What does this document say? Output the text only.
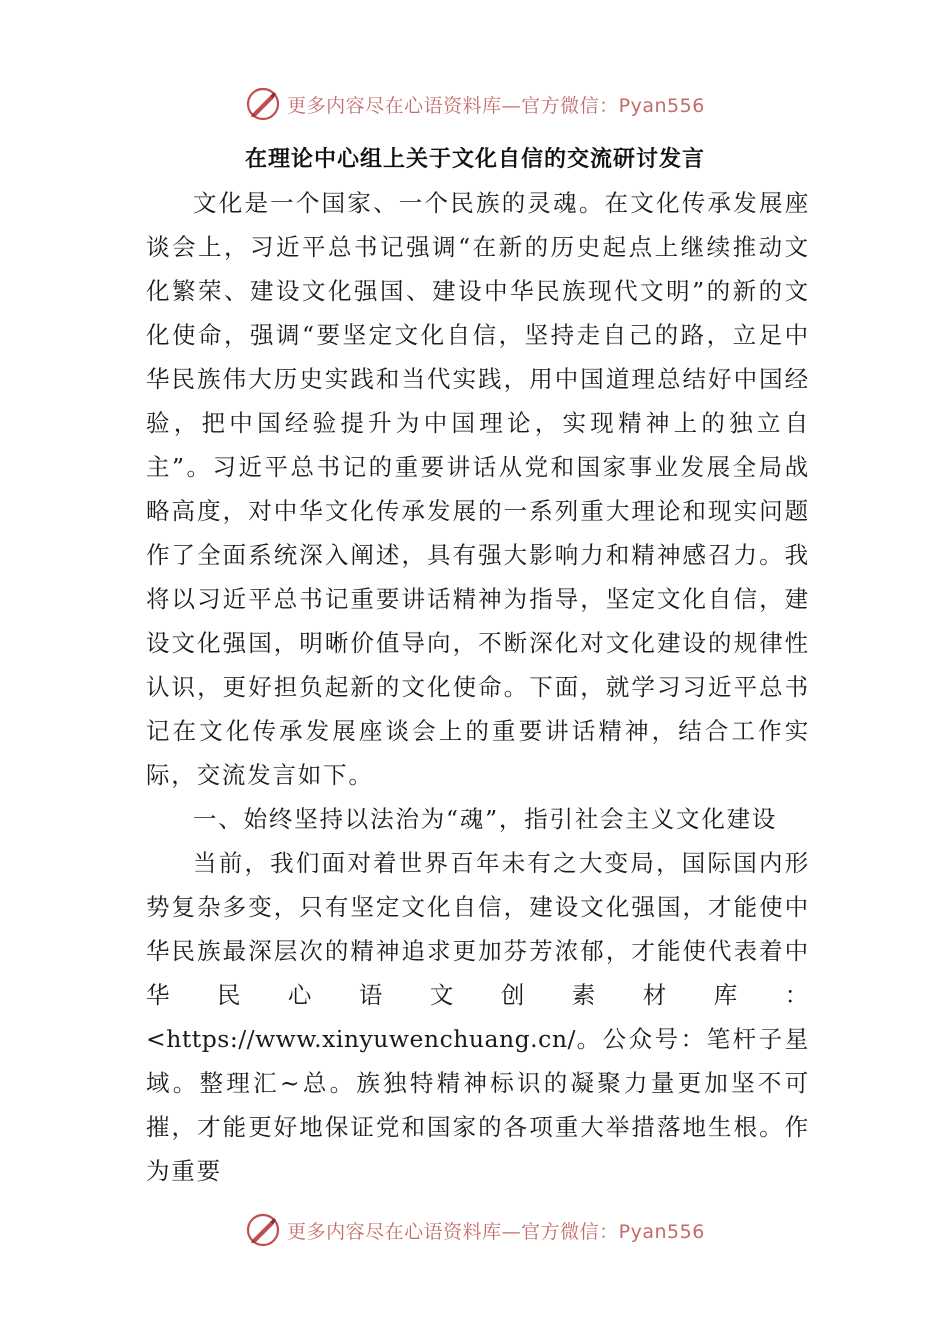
更多内容尽在心语资料库—官方微信：Pyan556
在理论中心组上关于文化自信的交流研讨发言

文化是一个国家、一个民族的灵魂。在文化传承发展座谈会上，习近平总书记强调“在新的历史起点上继续推动文化繁荣、建设文化强国、建设中华民族现代文明”的新的文化使命，强调“要坚定文化自信，坚持走自己的路，立足中华民族伟大历史实践和当代实践，用中国道理总结好中国经验，把中国经验提升为中国理论，实现精神上的独立自主”。习近平总书记的重要讲话从党和国家事业发展全局战略高度，对中华文化传承发展的一系列重大理论和现实问题作了全面系统深入阐述，具有强大影响力和精神感召力。我将以习近平总书记重要讲话精神为指导，坚定文化自信，建设文化强国，明晰价值导向，不断深化对文化建设的规律性认识，更好担负起新的文化使命。下面，就学习习近平总书记在文化传承发展座谈会上的重要讲话精神，结合工作实际，交流发言如下。

一、始终坚持以法治为“魂”，指引社会主义文化建设

当前，我们面对着世界百年未有之大变局，国际国内形势复杂多变，只有坚定文化自信，建设文化强国，才能使中华民族最深层次的精神追求更加芬芳浓郁，才能使代表着中华民心语文创素材库：<https://www.xinyuwenchuang.cn/。公众号：笔杆子星域。整理汇~总。族独特精神标识的凝聚力量更加坚不可摧，才能更好地保证党和国家的各项重大举措落地生根。作为重要

更多内容尽在心语资料库—官方微信：Pyan556
